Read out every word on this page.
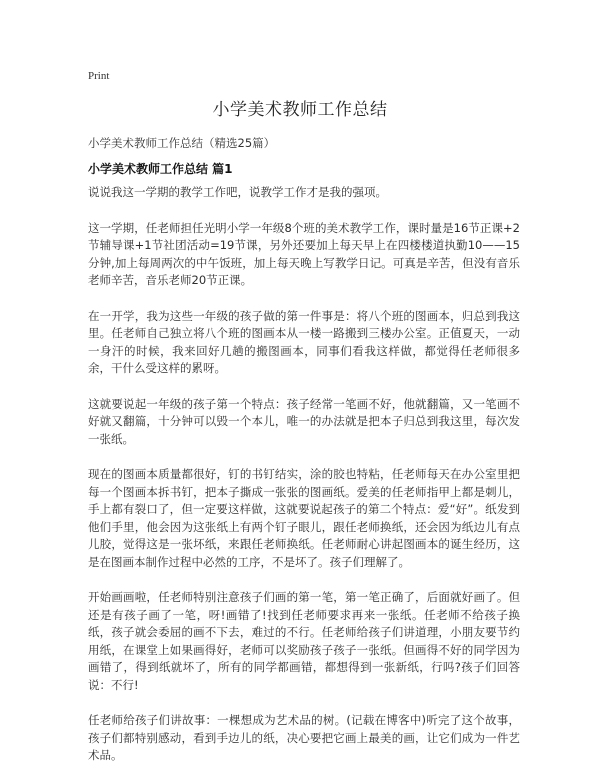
Print
小学美术教师工作总结
小学美术教师工作总结（精选25篇）
小学美术教师工作总结 篇1

说说我这一学期的教学工作吧，说教学工作才是我的强项。

这一学期，任老师担任光明小学一年级8个班的美术教学工作，课时量是16节正课+2节辅导课+1节社团活动=19节课，另外还要加上每天早上在四楼楼道执勤10——15分钟,加上每周两次的中午饭班，加上每天晚上写教学日记。可真是辛苦，但没有音乐老师辛苦，音乐老师20节正课。

在一开学，我为这些一年级的孩子做的第一件事是：将八个班的图画本，归总到我这里。任老师自己独立将八个班的图画本从一楼一路搬到三楼办公室。正值夏天，一动一身汗的时候，我来回好几趟的搬图画本，同事们看我这样做，都觉得任老师很多余，干什么受这样的累呀。

这就要说起一年级的孩子第一个特点：孩子经常一笔画不好，他就翻篇，又一笔画不好就又翻篇，十分钟可以毁一个本儿，唯一的办法就是把本子归总到我这里，每次发一张纸。

现在的图画本质量都很好，钉的书钉结实，涂的胶也特粘，任老师每天在办公室里把每一个图画本拆书钉，把本子撕成一张张的图画纸。爱美的任老师指甲上都是刺儿，手上都有裂口了，但一定要这样做，这就要说起孩子的第二个特点：爱“好”。纸发到他们手里，他会因为这张纸上有两个钉子眼儿，跟任老师换纸，还会因为纸边儿有点儿胶，觉得这是一张坏纸，来跟任老师换纸。任老师耐心讲起图画本的诞生经历，这是在图画本制作过程中必然的工序，不是坏了。孩子们理解了。

开始画画啦，任老师特别注意孩子们画的第一笔，第一笔正确了，后面就好画了。但还是有孩子画了一笔，呀!画错了!找到任老师要求再来一张纸。任老师不给孩子换纸，孩子就会委屈的画不下去，难过的不行。任老师给孩子们讲道理，小朋友要节约用纸，在课堂上如果画得好，老师可以奖励孩子孩子一张纸。但画得不好的同学因为画错了，得到纸就坏了，所有的同学都画错，都想得到一张新纸，行吗?孩子们回答说：不行!

任老师给孩子们讲故事：一棵想成为艺术品的树。(记载在博客中)听完了这个故事，孩子们都特别感动，看到手边儿的纸，决心要把它画上最美的画，让它们成为一件艺术品。
